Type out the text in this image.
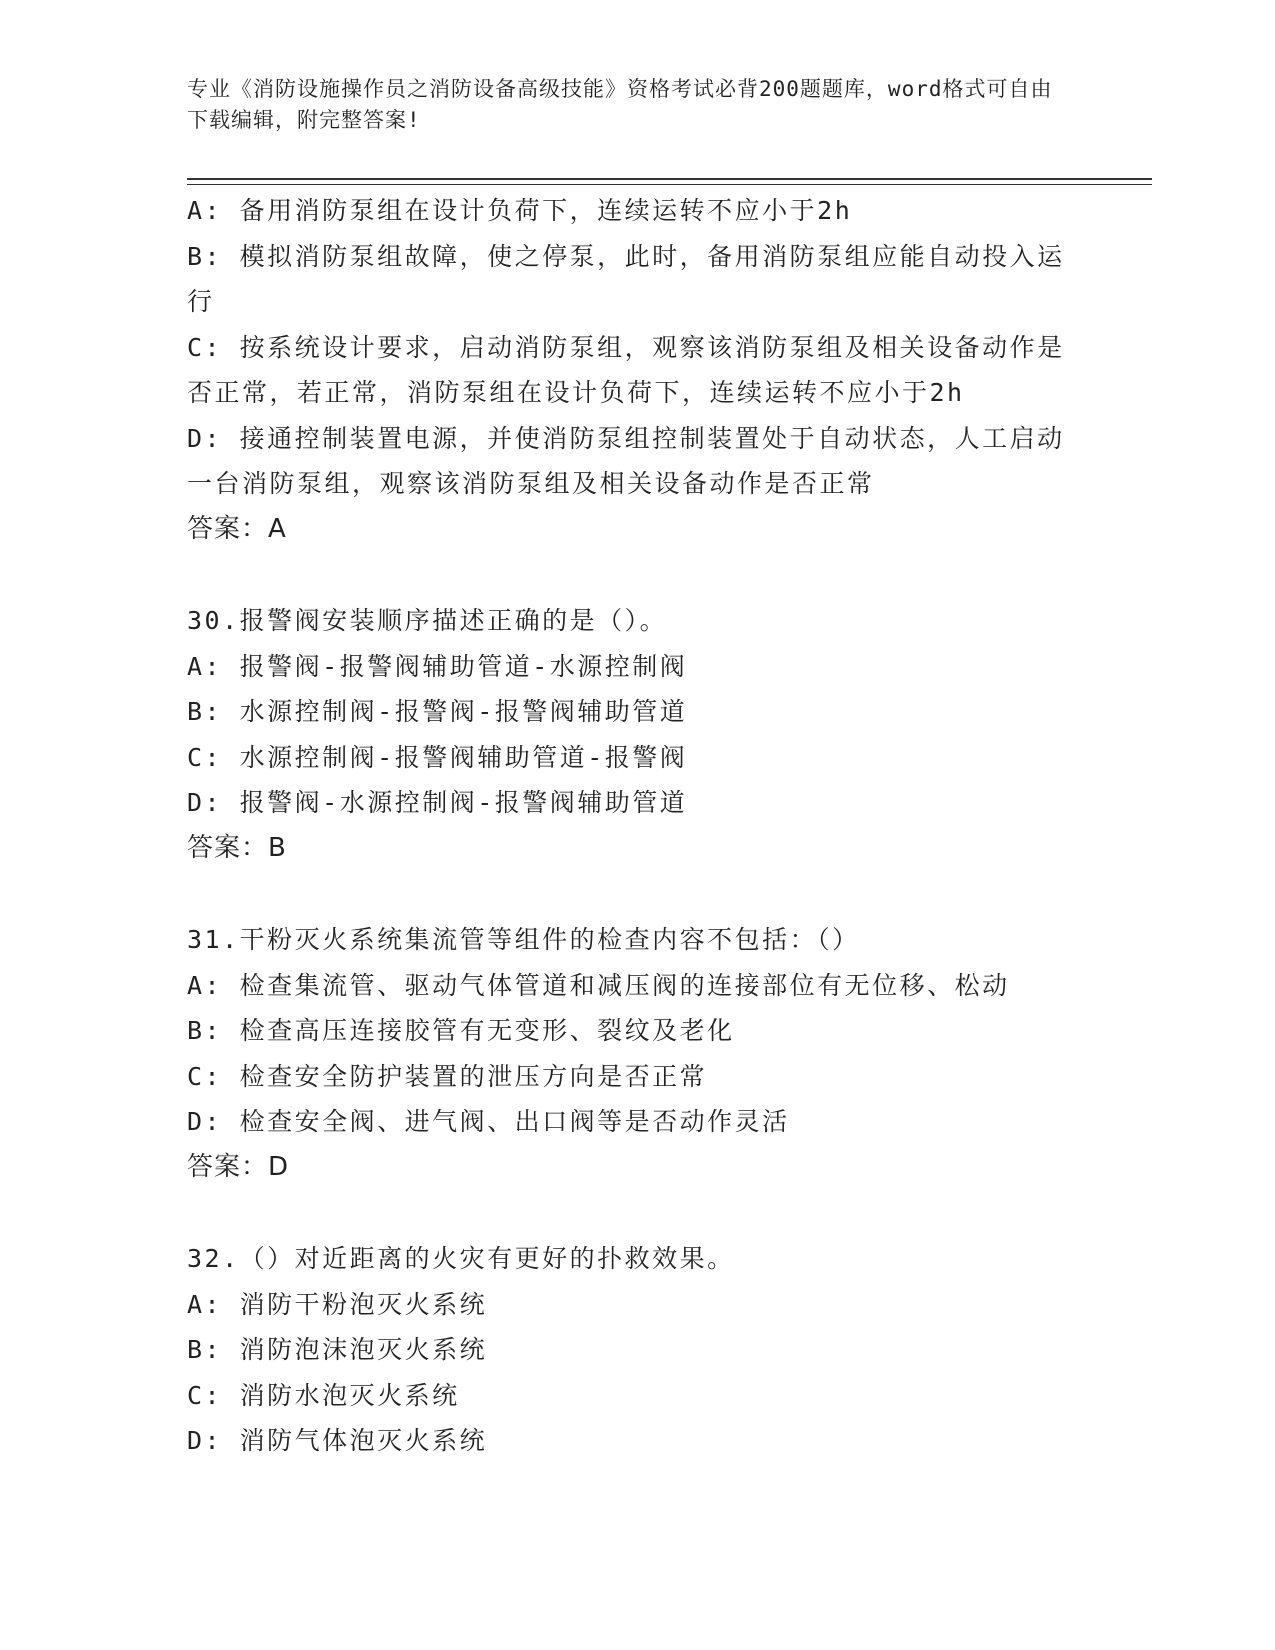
专业《消防设施操作员之消防设备高级技能》资格考试必背200题题库，word格式可自由下载编辑，附完整答案!
A: 备用消防泵组在设计负荷下，连续运转不应小于2h
B: 模拟消防泵组故障，使之停泵，此时，备用消防泵组应能自动投入运行
C: 按系统设计要求，启动消防泵组，观察该消防泵组及相关设备动作是否正常，若正常，消防泵组在设计负荷下，连续运转不应小于2h
D: 接通控制装置电源，并使消防泵组控制装置处于自动状态，人工启动一台消防泵组，观察该消防泵组及相关设备动作是否正常
答案：A
30.报警阀安装顺序描述正确的是（）。
A: 报警阀-报警阀辅助管道-水源控制阀
B: 水源控制阀-报警阀-报警阀辅助管道
C: 水源控制阀-报警阀辅助管道-报警阀
D: 报警阀-水源控制阀-报警阀辅助管道
答案：B
31.干粉灭火系统集流管等组件的检查内容不包括：（）
A: 检查集流管、驱动气体管道和减压阀的连接部位有无位移、松动
B: 检查高压连接胶管有无变形、裂纹及老化
C: 检查安全防护装置的泄压方向是否正常
D: 检查安全阀、进气阀、出口阀等是否动作灵活
答案：D
32.（）对近距离的火灾有更好的扑救效果。
A: 消防干粉泡灭火系统
B: 消防泡沫泡灭火系统
C: 消防水泡灭火系统
D: 消防气体泡灭火系统
